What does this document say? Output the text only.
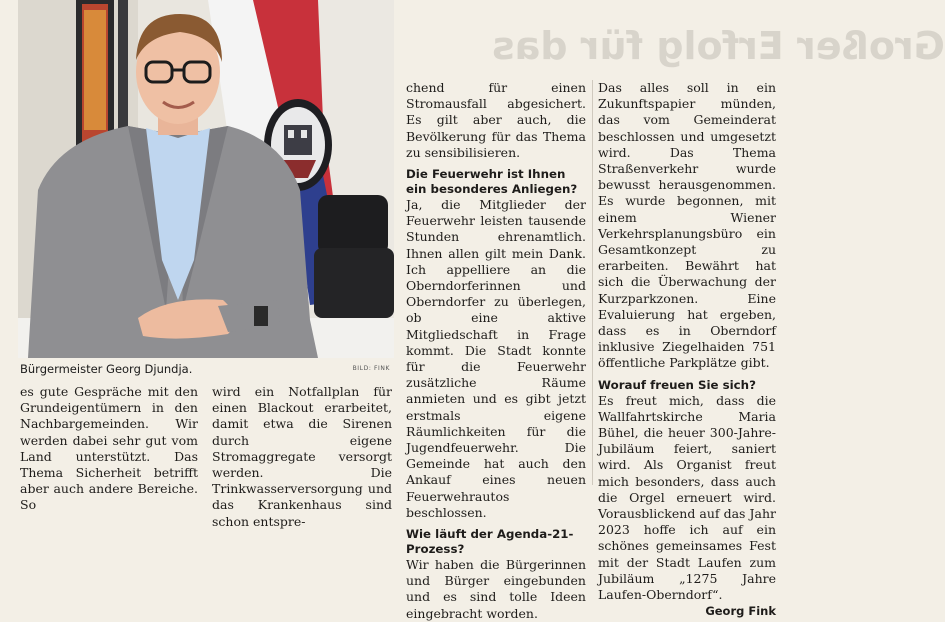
Großer Erfolg für das
Bürgermeister Georg Djundja.	BILD: FINK

es gute Gespräche mit den Grundeigentümern in den Nachbargemeinden. Wir werden dabei sehr gut vom Land unterstützt. Das Thema Sicherheit betrifft aber auch andere Bereiche. So

wird ein Notfallplan für einen Blackout erarbeitet, damit etwa die Sirenen durch eigene Stromaggregate versorgt werden. Die Trinkwasserversorgung und das Krankenhaus sind schon entspre-

chend für einen Stromausfall abgesichert. Es gilt aber auch, die Bevölkerung für das Thema zu sensibilisieren.

Die Feuerwehr ist Ihnen ein besonderes Anliegen?

Ja, die Mitglieder der Feuerwehr leisten tausende Stunden ehrenamtlich. Ihnen allen gilt mein Dank. Ich appelliere an die Oberndorferinnen und Oberndorfer zu überlegen, ob eine aktive Mitgliedschaft in Frage kommt. Die Stadt konnte für die Feuerwehr zusätzliche Räume anmieten und es gibt jetzt erstmals eigene Räumlichkeiten für die Jugendfeuerwehr. Die Gemeinde hat auch den Ankauf eines neuen Feuerwehrautos beschlossen.

Wie läuft der Agenda-21-Prozess?

Wir haben die Bürgerinnen und Bürger eingebunden und es sind tolle Ideen eingebracht worden.

Das alles soll in ein Zukunftspapier münden, das vom Gemeinderat beschlossen und umgesetzt wird. Das Thema Straßenverkehr wurde bewusst herausgenommen. Es wurde begonnen, mit einem Wiener Verkehrsplanungsbüro ein Gesamtkonzept zu erarbeiten. Bewährt hat sich die Überwachung der Kurzparkzonen. Eine Evaluierung hat ergeben, dass es in Oberndorf inklusive Ziegelhaiden 751 öffentliche Parkplätze gibt.

Worauf freuen Sie sich?

Es freut mich, dass die Wallfahrtskirche Maria Bühel, die heuer 300-Jahre-Jubiläum feiert, saniert wird. Als Organist freut mich besonders, dass auch die Orgel erneuert wird. Vorausblickend auf das Jahr 2023 hoffe ich auf ein schönes gemeinsames Fest mit der Stadt Laufen zum Jubiläum „1275 Jahre Laufen-Oberndorf“.
Georg Fink
